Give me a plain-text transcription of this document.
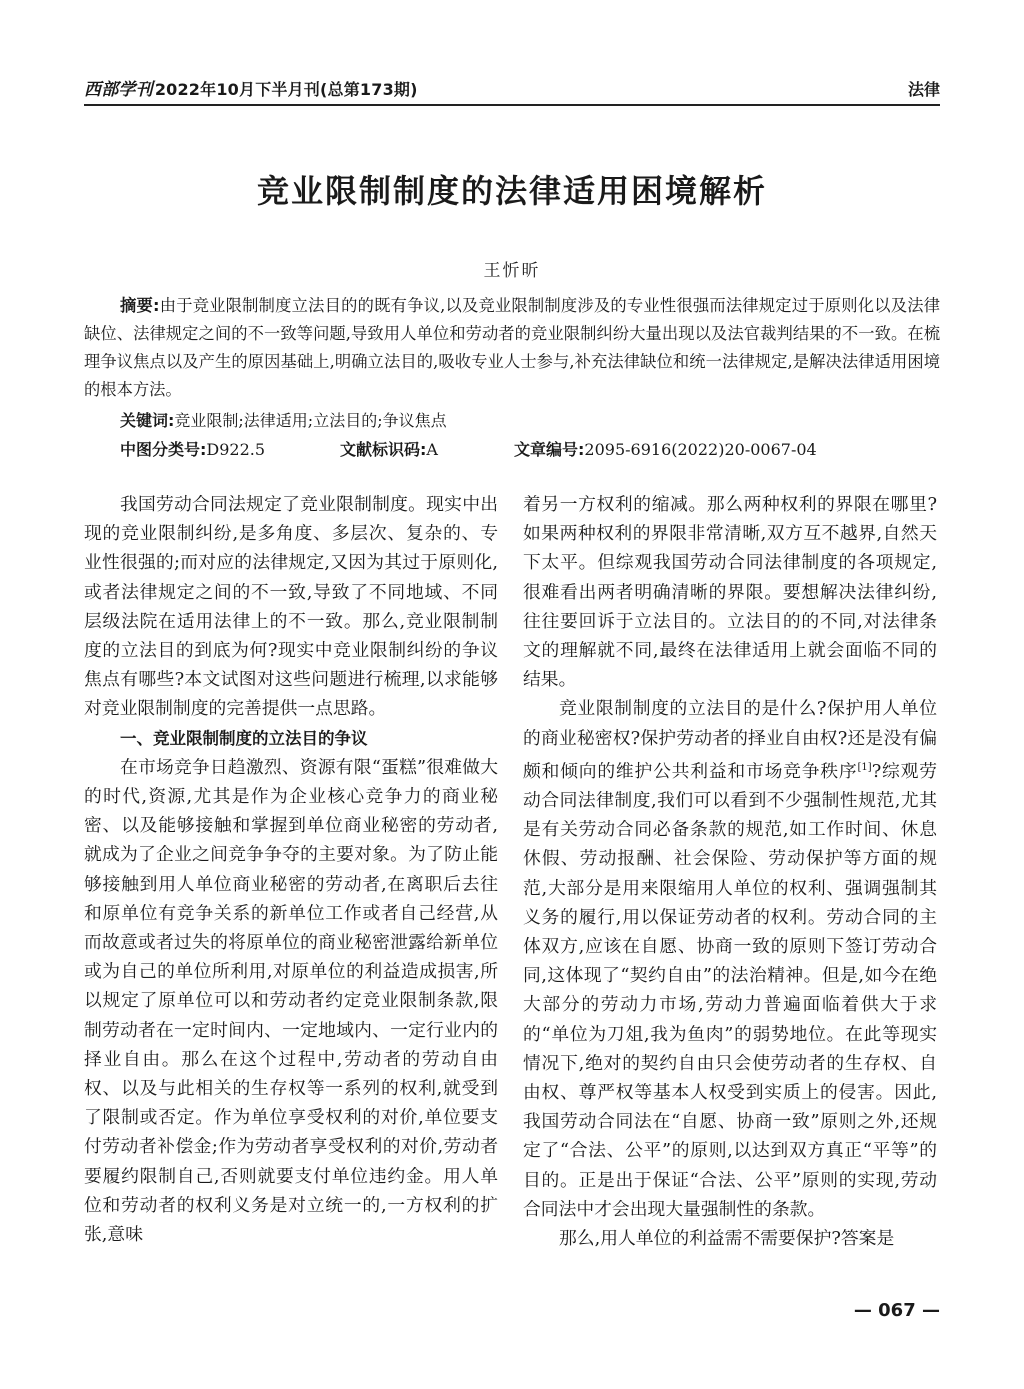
西部学刊 2022年10月下半月刊(总第173期)	法律
竞业限制制度的法律适用困境解析
王忻昕

摘要:由于竞业限制制度立法目的的既有争议,以及竞业限制制度涉及的专业性很强而法律规定过于原则化以及法律缺位、法律规定之间的不一致等问题,导致用人单位和劳动者的竞业限制纠纷大量出现以及法官裁判结果的不一致。在梳理争议焦点以及产生的原因基础上,明确立法目的,吸收专业人士参与,补充法律缺位和统一法律规定,是解决法律适用困境的根本方法。

关键词:竞业限制;法律适用;立法目的;争议焦点
中图分类号:D922.5	文献标识码:A	文章编号:2095-6916(2022)20-0067-04

我国劳动合同法规定了竞业限制制度。现实中出现的竞业限制纠纷,是多角度、多层次、复杂的、专业性很强的;而对应的法律规定,又因为其过于原则化,或者法律规定之间的不一致,导致了不同地域、不同层级法院在适用法律上的不一致。那么,竞业限制制度的立法目的到底为何?现实中竞业限制纠纷的争议焦点有哪些?本文试图对这些问题进行梳理,以求能够对竞业限制制度的完善提供一点思路。

一、竞业限制制度的立法目的争议

在市场竞争日趋激烈、资源有限“蛋糕”很难做大的时代,资源,尤其是作为企业核心竞争力的商业秘密、以及能够接触和掌握到单位商业秘密的劳动者,就成为了企业之间竞争争夺的主要对象。为了防止能够接触到用人单位商业秘密的劳动者,在离职后去往和原单位有竞争关系的新单位工作或者自己经营,从而故意或者过失的将原单位的商业秘密泄露给新单位或为自己的单位所利用,对原单位的利益造成损害,所以规定了原单位可以和劳动者约定竞业限制条款,限制劳动者在一定时间内、一定地域内、一定行业内的择业自由。那么在这个过程中,劳动者的劳动自由权、以及与此相关的生存权等一系列的权利,就受到了限制或否定。作为单位享受权利的对价,单位要支付劳动者补偿金;作为劳动者享受权利的对价,劳动者要履约限制自己,否则就要支付单位违约金。用人单位和劳动者的权利义务是对立统一的,一方权利的扩张,意味

着另一方权利的缩减。那么两种权利的界限在哪里?如果两种权利的界限非常清晰,双方互不越界,自然天下太平。但综观我国劳动合同法律制度的各项规定,很难看出两者明确清晰的界限。要想解决法律纠纷,往往要回诉于立法目的。立法目的的不同,对法律条文的理解就不同,最终在法律适用上就会面临不同的结果。

竞业限制制度的立法目的是什么?保护用人单位的商业秘密权?保护劳动者的择业自由权?还是没有偏颇和倾向的维护公共利益和市场竞争秩序[1]?综观劳动合同法律制度,我们可以看到不少强制性规范,尤其是有关劳动合同必备条款的规范,如工作时间、休息休假、劳动报酬、社会保险、劳动保护等方面的规范,大部分是用来限缩用人单位的权利、强调强制其义务的履行,用以保证劳动者的权利。劳动合同的主体双方,应该在自愿、协商一致的原则下签订劳动合同,这体现了“契约自由”的法治精神。但是,如今在绝大部分的劳动力市场,劳动力普遍面临着供大于求的“单位为刀俎,我为鱼肉”的弱势地位。在此等现实情况下,绝对的契约自由只会使劳动者的生存权、自由权、尊严权等基本人权受到实质上的侵害。因此,我国劳动合同法在“自愿、协商一致”原则之外,还规定了“合法、公平”的原则,以达到双方真正“平等”的目的。正是出于保证“合法、公平”原则的实现,劳动合同法中才会出现大量强制性的条款。

那么,用人单位的利益需不需要保护?答案是

— 067 —
